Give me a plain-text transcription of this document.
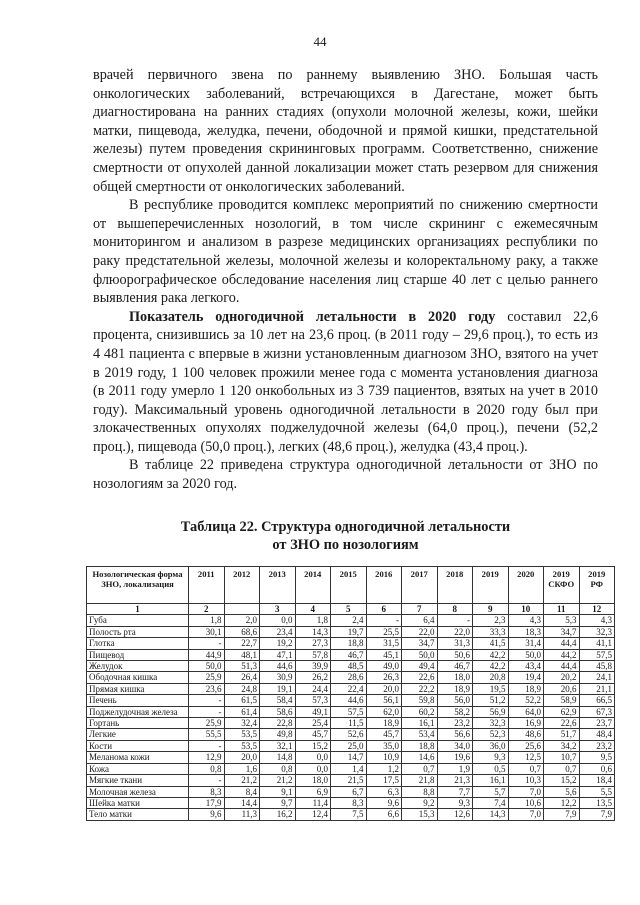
44

врачей первичного звена по раннему выявлению ЗНО. Большая часть онкологических заболеваний, встречающихся в Дагестане, может быть диагностирована на ранних стадиях (опухоли молочной железы, кожи, шейки матки, пищевода, желудка, печени, ободочной и прямой кишки, предстательной железы) путем проведения скрининговых программ. Соответственно, снижение смертности от опухолей данной локализации может стать резервом для снижения общей смертности от онкологических заболеваний.

В республике проводится комплекс мероприятий по снижению смертности от вышеперечисленных нозологий, в том числе скрининг с ежемесячным мониторингом и анализом в разрезе медицинских организациях республики по раку предстательной железы, молочной железы и колоректальному раку, а также флюорографическое обследование населения лиц старше 40 лет с целью раннего выявления рака легкого.

Показатель одногодичной летальности в 2020 году составил 22,6 процента, снизившись за 10 лет на 23,6 проц. (в 2011 году – 29,6 проц.), то есть из 4 481 пациента с впервые в жизни установленным диагнозом ЗНО, взятого на учет в 2019 году, 1 100 человек прожили менее года с момента установления диагноза (в 2011 году умерло 1 120 онкобольных из 3 739 пациентов, взятых на учет в 2010 году). Максимальный уровень одногодичной летальности в 2020 году был при злокачественных опухолях поджелудочной железы (64,0 проц.), печени (52,2 проц.), пищевода (50,0 проц.), легких (48,6 проц.), желудка (43,4 проц.).

В таблице 22 приведена структура одногодичной летальности от ЗНО по нозологиям за 2020 год.

Таблица 22. Структура одногодичной летальности
от ЗНО по нозологиям
Нозологическая форма ЗНО, локализация	2011	2012	2013	2014	2015	2016	2017	2018	2019	2020	2019 СКФО	2019 РФ
1	2		3	4	5	6	7	8	9	10	11	12
Губа	1,8	2,0	0,0	1,8	2,4	-	6,4	-	2,3	4,3	5,3	4,3
Полость рта	30,1	68,6	23,4	14,3	19,7	25,5	22,0	22,0	33,3	18,3	34,7	32,3
Глотка	-	22,7	19,2	27,3	18,8	31,5	34,7	31,3	41,5	31,4	44,4	41,1
Пищевод	44,9	48,1	47,1	57,8	46,7	45,1	50,0	50,6	42,2	50,0	44,2	57,5
Желудок	50,0	51,3	44,6	39,9	48,5	49,0	49,4	46,7	42,2	43,4	44,4	45,8
Ободочная кишка	25,9	26,4	30,9	26,2	28,6	26,3	22,6	18,0	20,8	19,4	20,2	24,1
Прямая кишка	23,6	24,8	19,1	24,4	22,4	20,0	22,2	18,9	19,5	18,9	20,6	21,1
Печень	-	61,5	58,4	57,3	44,6	56,1	59,8	56,0	51,2	52,2	58,9	66,5
Поджелудочная железа	-	61,4	58,6	49,1	57,5	62,0	60,2	58,2	56,9	64,0	62,9	67,3
Гортань	25,9	32,4	22,8	25,4	11,5	18,9	16,1	23,2	32,3	16,9	22,6	23,7
Легкие	55,5	53,5	49,8	45,7	52,6	45,7	53,4	56,6	52,3	48,6	51,7	48,4
Кости	-	53,5	32,1	15,2	25,0	35,0	18,8	34,0	36,0	25,6	34,2	23,2
Меланома кожи	12,9	20,0	14,8	0,0	14,7	10,9	14,6	19,6	9,3	12,5	10,7	9,5
Кожа	0,8	1,6	0,8	0,0	1,4	1,2	0,7	1,9	0,5	0,7	0,7	0,6
Мягкие ткани	-	21,2	21,2	18,0	21,5	17,5	21,8	21,3	16,1	10,3	15,2	18,4
Молочная железа	8,3	8,4	9,1	6,9	6,7	6,3	8,8	7,7	5,7	7,0	5,6	5,5
Шейка матки	17,9	14,4	9,7	11,4	8,3	9,6	9,2	9,3	7,4	10,6	12,2	13,5
Тело матки	9,6	11,3	16,2	12,4	7,5	6,6	15,3	12,6	14,3	7,0	7,9	7,9
